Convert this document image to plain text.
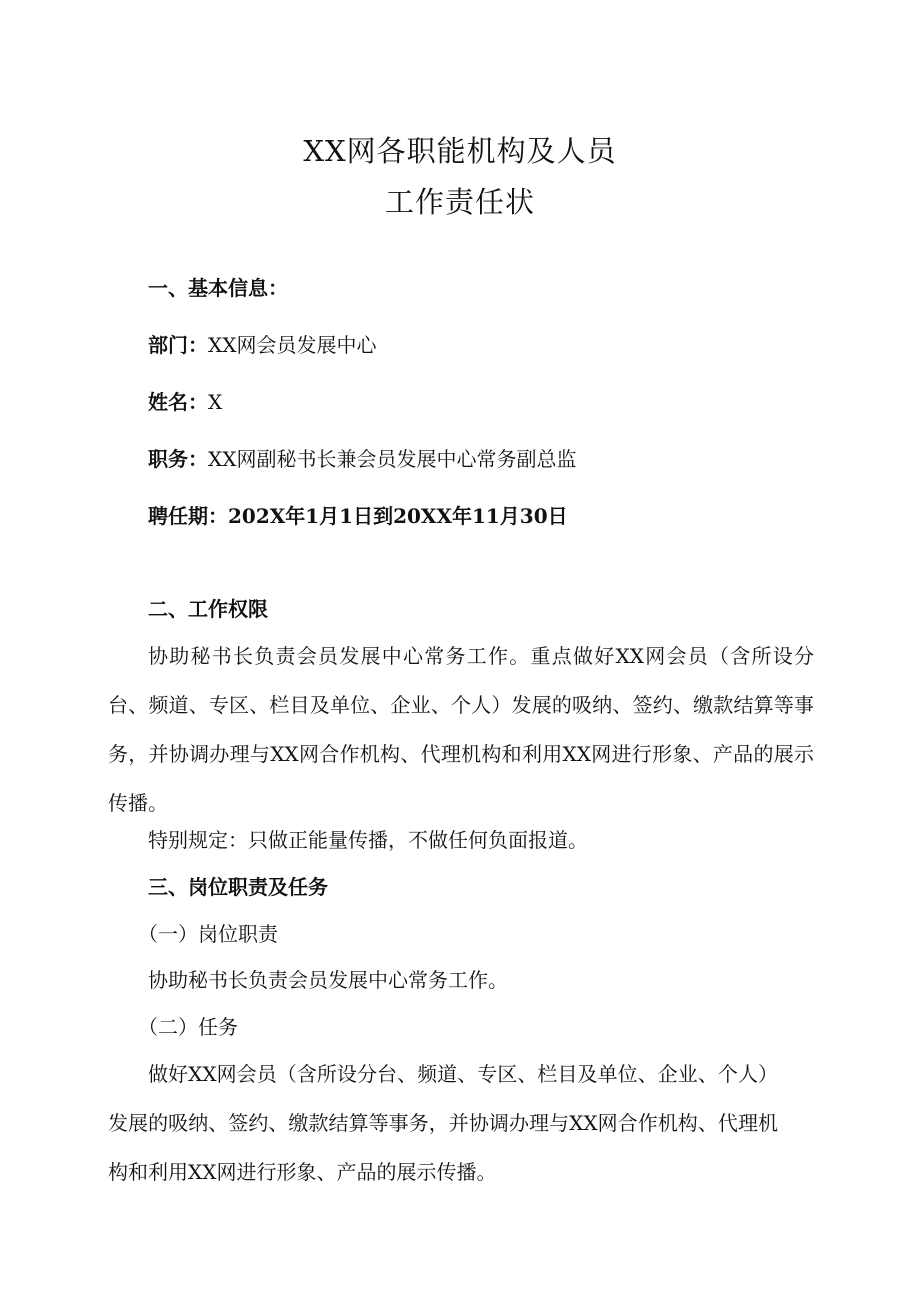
XX网各职能机构及人员
工作责任状

一、基本信息：

部门：XX网会员发展中心

姓名：X

职务：XX网副秘书长兼会员发展中心常务副总监

聘任期：202X年1月1日到20XX年11月30日

二、工作权限

协助秘书长负责会员发展中心常务工作。重点做好XX网会员（含所设分台、频道、专区、栏目及单位、企业、个人）发展的吸纳、签约、缴款结算等事务，并协调办理与XX网合作机构、代理机构和利用XX网进行形象、产品的展示传播。

特别规定：只做正能量传播，不做任何负面报道。

三、岗位职责及任务

（一）岗位职责

协助秘书长负责会员发展中心常务工作。

（二）任务

做好XX网会员（含所设分台、频道、专区、栏目及单位、企业、个人）发展的吸纳、签约、缴款结算等事务，并协调办理与XX网合作机构、代理机构和利用XX网进行形象、产品的展示传播。
